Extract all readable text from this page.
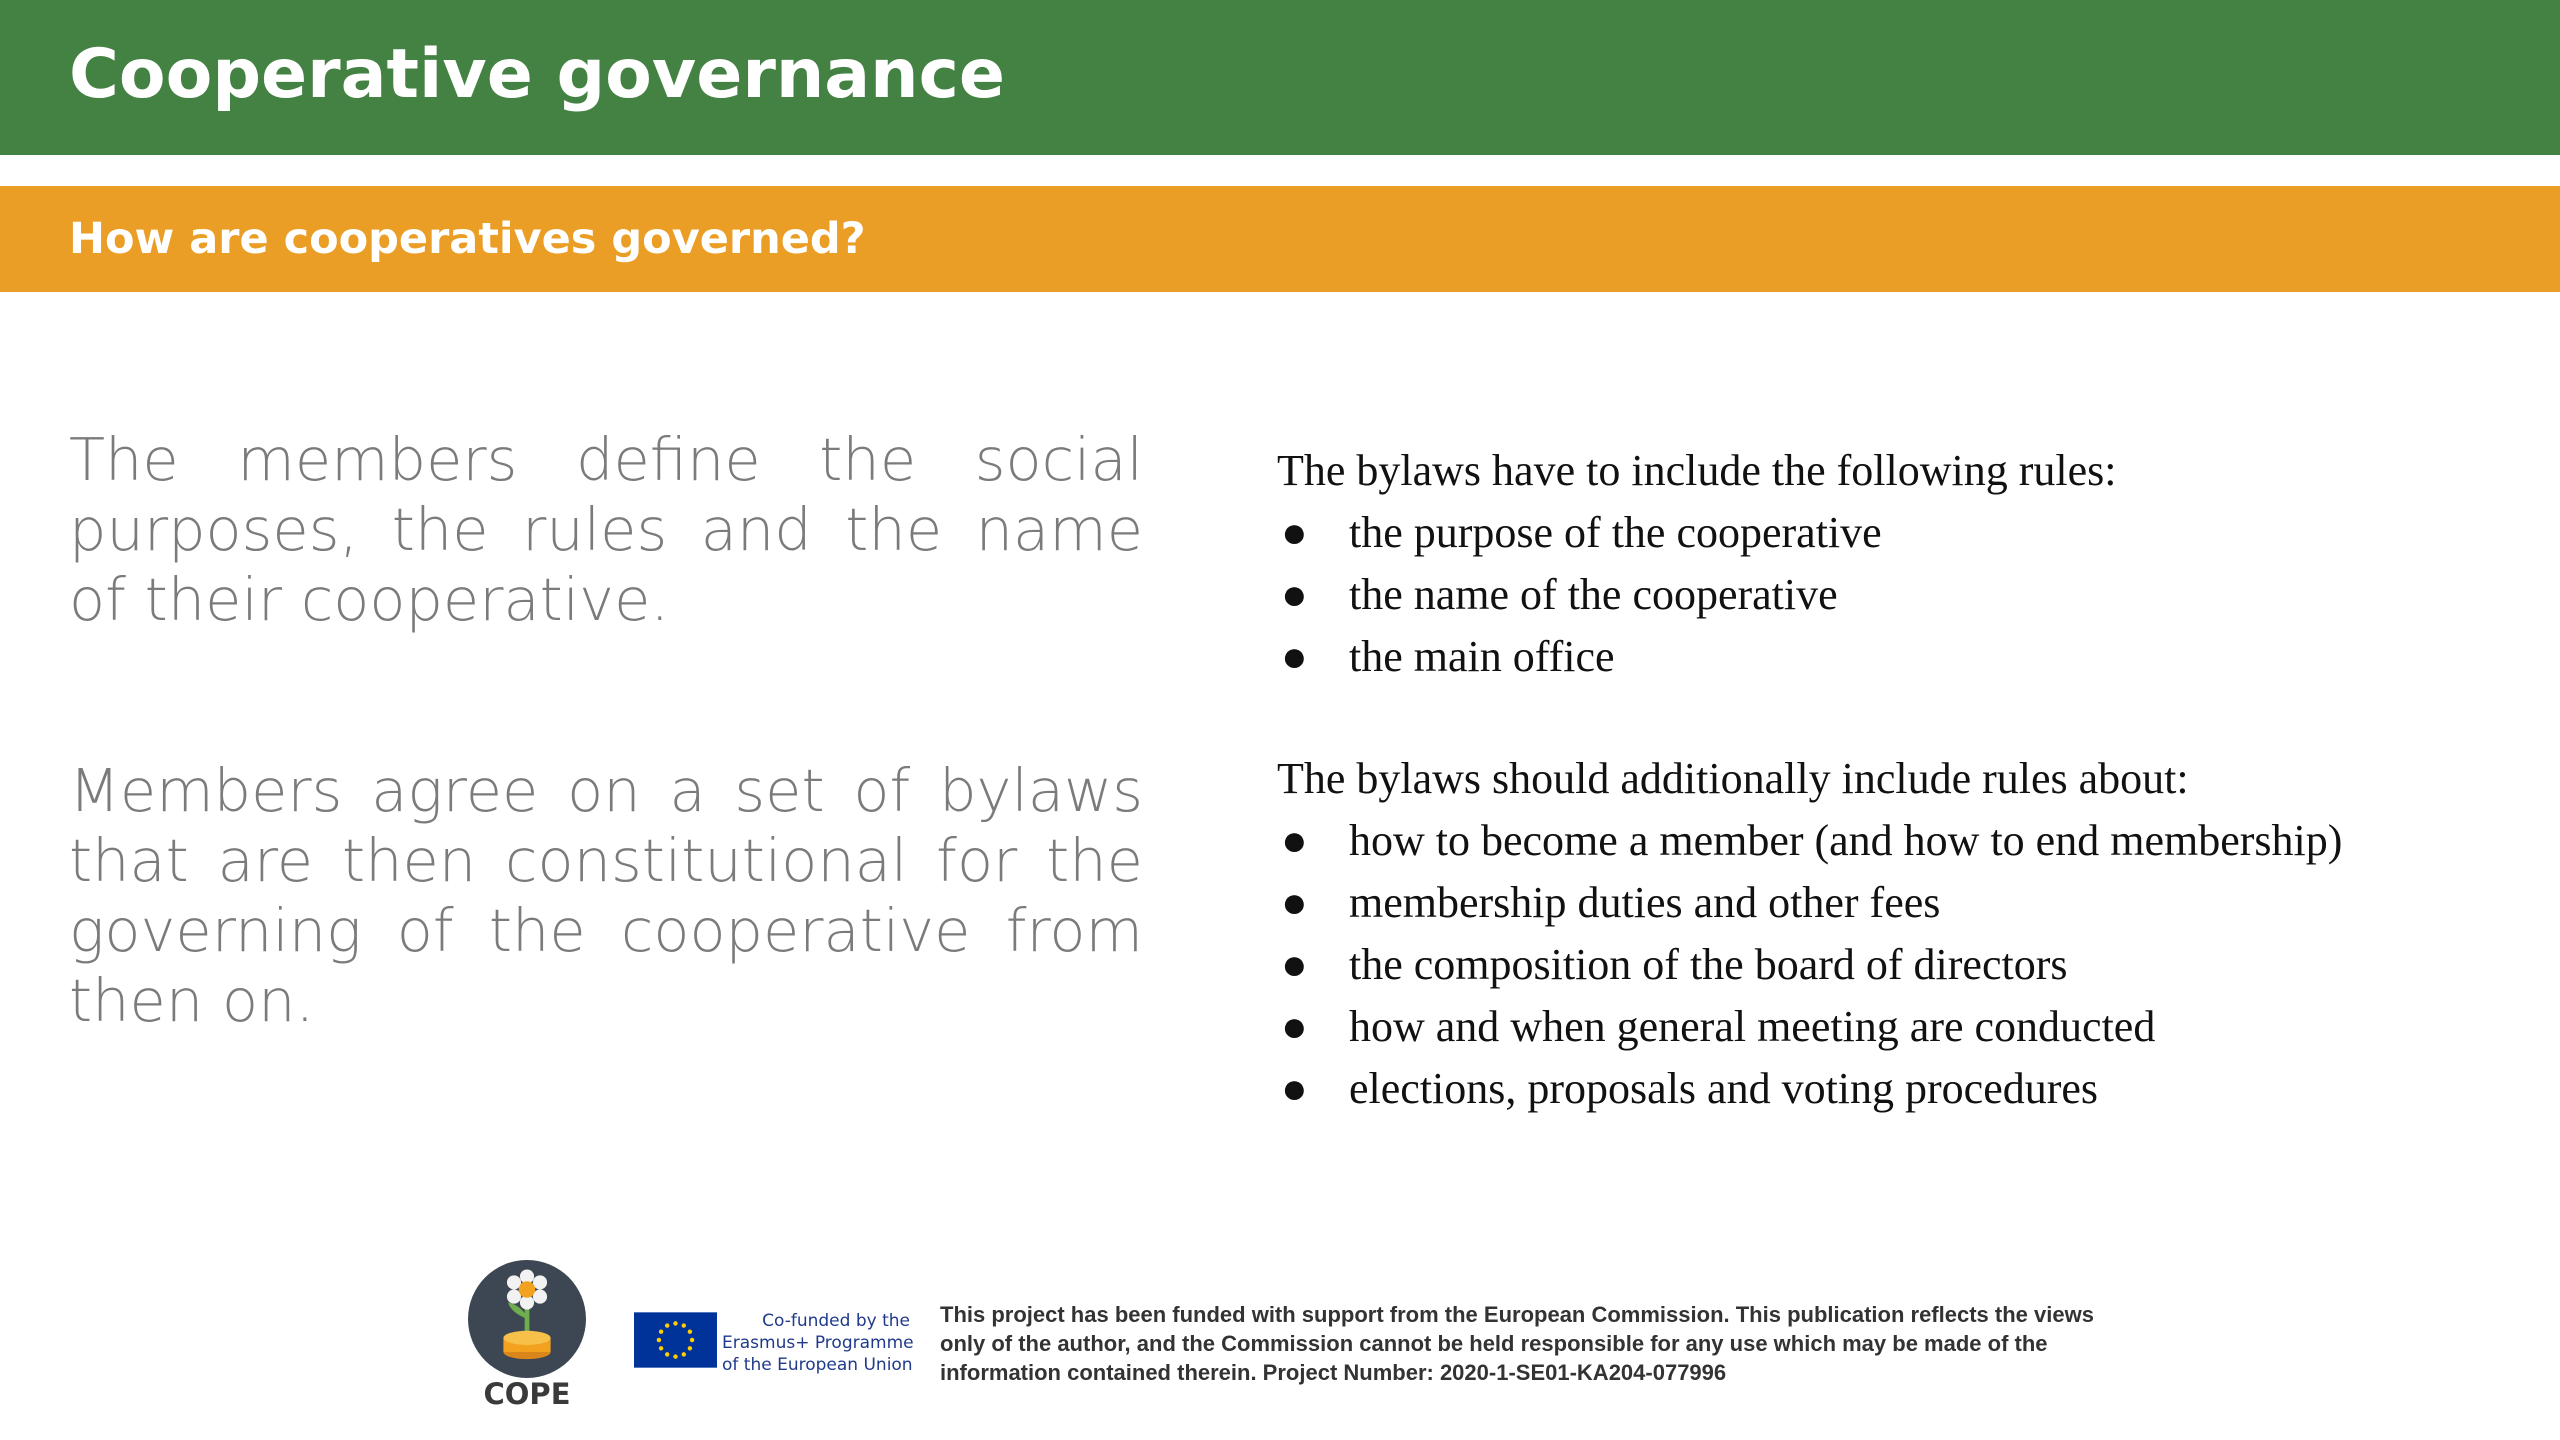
Cooperative governance
How are cooperatives governed?

The members define the social purposes, the rules and the name of their cooperative.

Members agree on a set of bylaws that are then constitutional for the governing of the cooperative from then on.

The bylaws have to include the following rules:

● the purpose of the cooperative
● the name of the cooperative
● the main office

The bylaws should additionally include rules about:

● how to become a member (and how to end membership)
● membership duties and other fees
● the composition of the board of directors
● how and when general meeting are conducted
● elections, proposals and voting procedures
COPE
Co-funded by the
Erasmus+ Programme
of the European Union
This project has been funded with support from the European Commission. This publication reflects the views
only of the author, and the Commission cannot be held responsible for any use which may be made of the
information contained therein. Project Number: 2020-1-SE01-KA204-077996
